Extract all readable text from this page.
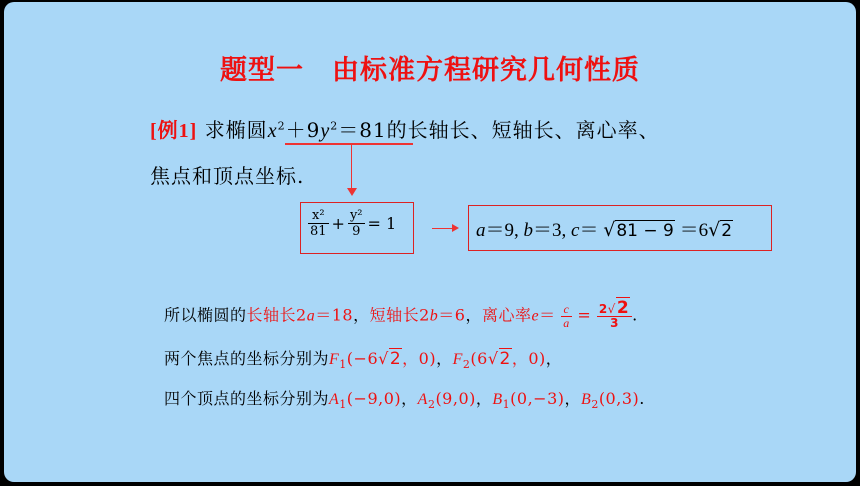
题型一 由标准方程研究几何性质
[例1] 求椭圆$x^2+9y^2=81$的长轴长、短轴长、离心率、
焦点和顶点坐标.
$\frac{\text{x²}}{81} + \frac{\text{y²}}{9} = 1$	a＝9, b＝3, c＝ √81 − 9 ＝6√2
所以椭圆的长轴长2a＝18，短轴长2b＝6，离心率$e= \frac{c}{a} = \frac{2√2}{3}$ .
两个焦点的坐标分别为$F_1(-6√2$，0)，$F_2(6√2$，0)，
四个顶点的坐标分别为$A_1(-9,0)$，$A_2(9,0)$，$B_1(0,-3)$，$B_2(0,3)$.
